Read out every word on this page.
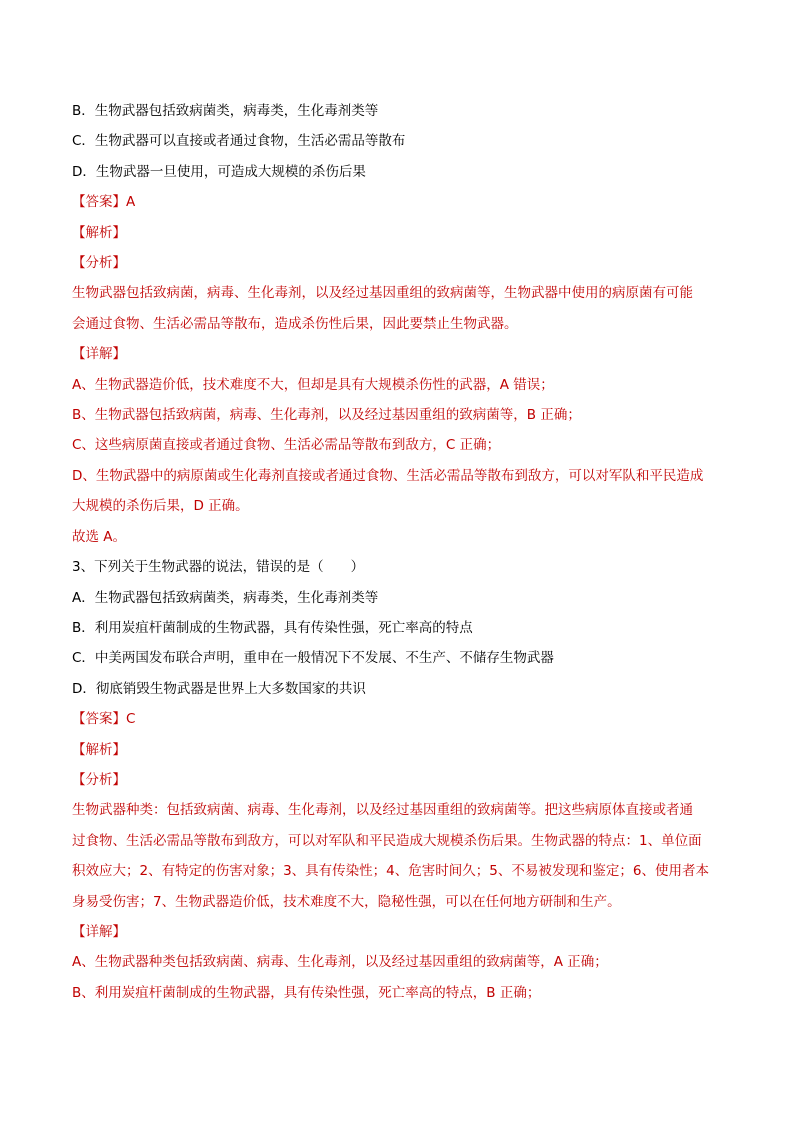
B．生物武器包括致病菌类，病毒类，生化毒剂类等

C．生物武器可以直接或者通过食物，生活必需品等散布

D．生物武器一旦使用，可造成大规模的杀伤后果

【答案】A

【解析】

【分析】

生物武器包括致病菌，病毒、生化毒剂，以及经过基因重组的致病菌等，生物武器中使用的病原菌有可能

会通过食物、生活必需品等散布，造成杀伤性后果，因此要禁止生物武器。

【详解】

A、生物武器造价低，技术难度不大，但却是具有大规模杀伤性的武器，A 错误；

B、生物武器包括致病菌，病毒、生化毒剂，以及经过基因重组的致病菌等，B 正确；

C、这些病原菌直接或者通过食物、生活必需品等散布到敌方，C 正确；

D、生物武器中的病原菌或生化毒剂直接或者通过食物、生活必需品等散布到敌方，可以对军队和平民造成

大规模的杀伤后果，D 正确。

故选 A。

3、下列关于生物武器的说法，错误的是（　　）

A．生物武器包括致病菌类，病毒类，生化毒剂类等

B．利用炭疽杆菌制成的生物武器，具有传染性强，死亡率高的特点

C．中美两国发布联合声明，重申在一般情况下不发展、不生产、不储存生物武器

D．彻底销毁生物武器是世界上大多数国家的共识

【答案】C

【解析】

【分析】

生物武器种类：包括致病菌、病毒、生化毒剂，以及经过基因重组的致病菌等。把这些病原体直接或者通

过食物、生活必需品等散布到敌方，可以对军队和平民造成大规模杀伤后果。生物武器的特点：1、单位面

积效应大；2、有特定的伤害对象；3、具有传染性；4、危害时间久；5、不易被发现和鉴定；6、使用者本

身易受伤害；7、生物武器造价低，技术难度不大，隐秘性强，可以在任何地方研制和生产。

【详解】

A、生物武器种类包括致病菌、病毒、生化毒剂，以及经过基因重组的致病菌等，A 正确；

B、利用炭疽杆菌制成的生物武器，具有传染性强，死亡率高的特点，B 正确；
